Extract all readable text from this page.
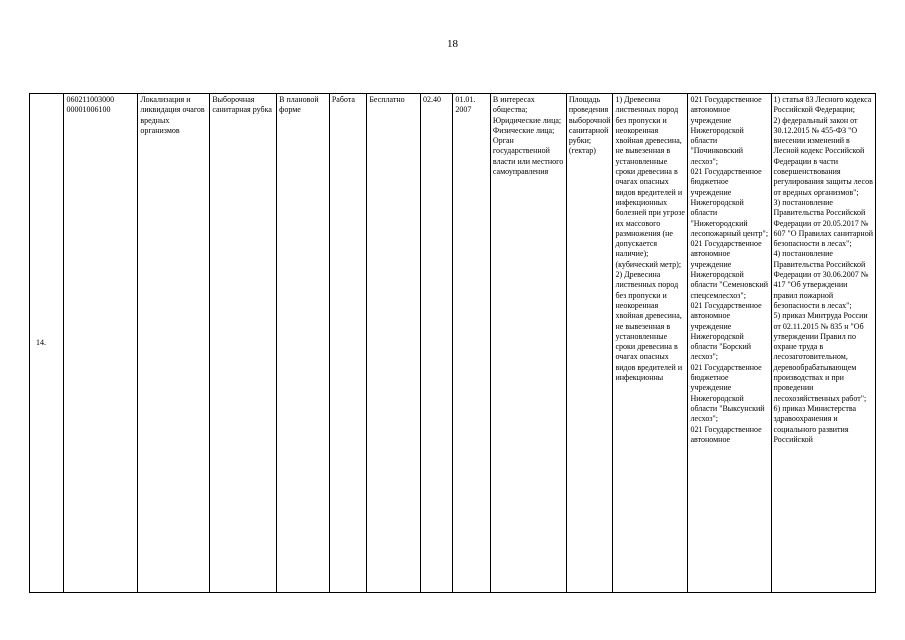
18
14.	060211003000 00001006100	Локализация и ликвидация очагов вредных организмов	Выборочная санитарная рубка	В плановой форме	Работа	Бесплатно	02.40	01.01. 2007	В интересах общества; Юридические лица; Физические лица; Орган государственной власти или местного самоуправления	Площадь проведения выборочной санитарной рубки; (гектар)	1) Древесина лиственных пород без пропуски и неокоренная хвойная древесина, не вывезенная в установленные сроки древесина в очагах опасных видов вредителей и инфекционных болезней при угрозе их массового размножения (не допускается наличие); (кубический метр);
2) Древесина лиственных пород без пропуски и неокоренная хвойная древесина, не вывезенная в установленные сроки древесина в очагах опасных видов вредителей и инфекционны	021 Государственное автономное учреждение Нижегородской области "Починковский лесхоз";
021 Государственное бюджетное учреждение Нижегородской области "Нижегородский лесопожарный центр";
021 Государственное автономное учреждение Нижегородской области "Семеновский спецсемлесхоз";
021 Государственное автономное учреждение Нижегородской области "Борский лесхоз";
021 Государственное бюджетное учреждение Нижегородской области "Выксунский лесхоз";
021 Государственное автономное	1) статья 83 Лесного кодекса Российской Федерации;
2) федеральный закон от 30.12.2015 № 455-ФЗ "О внесении изменений в Лесной кодекс Российской Федерации в части совершенствования регулирования защиты лесов от вредных организмов";
3) постановление Правительства Российской Федерации от 20.05.2017 № 607 "О Правилах санитарной безопасности в лесах";
4) постановление Правительства Российской Федерации от 30.06.2007 № 417 "Об утверждении правил пожарной безопасности в лесах";
5) приказ Минтруда России от 02.11.2015 № 835 н "Об утверждении Правил по охране труда в лесозаготовительном, деревообрабатывающем производствах и при проведении лесохозяйственных работ";
6) приказ Министерства здравоохранения и социального развития Российской
